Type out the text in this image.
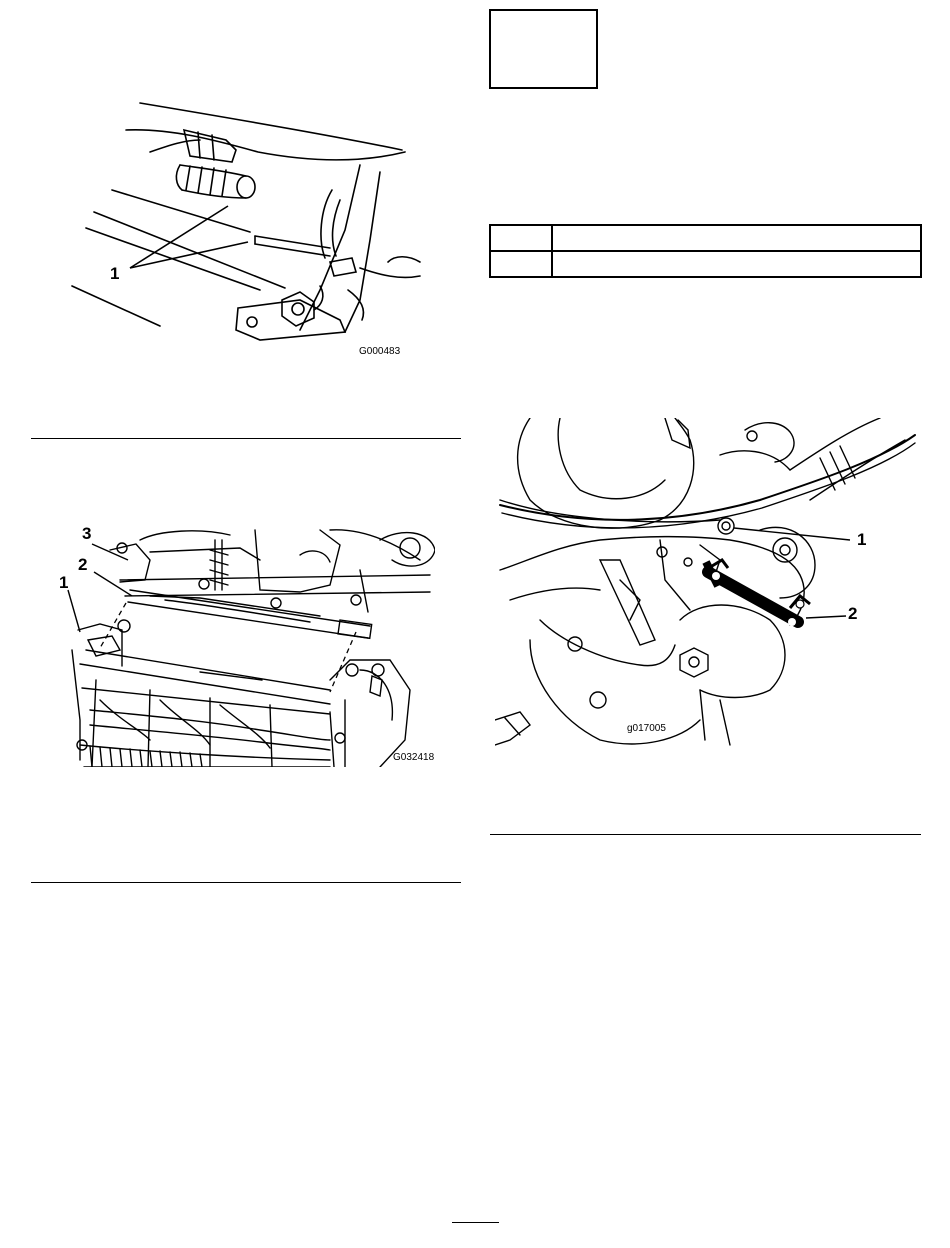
1
G000483
3
2
1
G032418

1
2
g017005
